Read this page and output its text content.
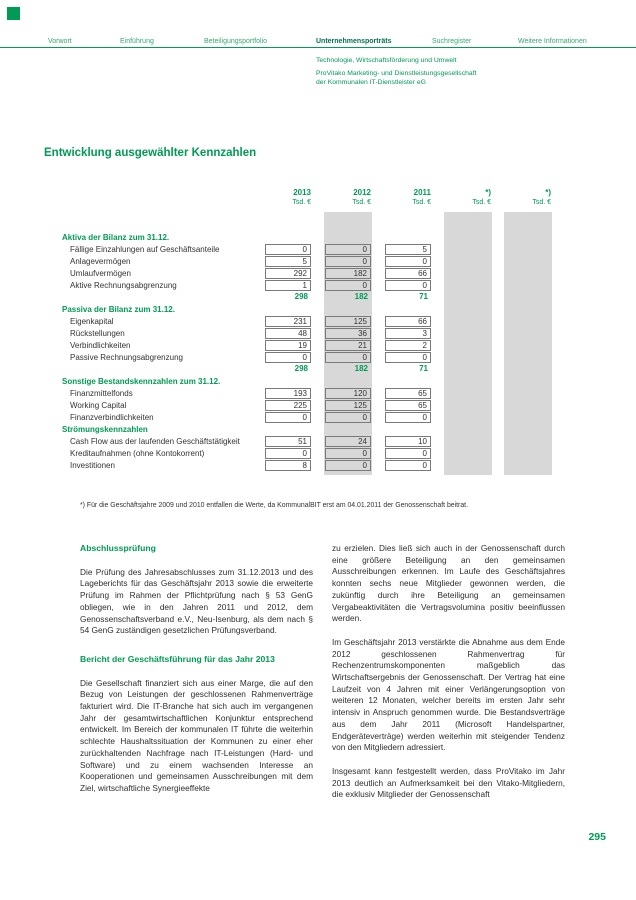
Vorwort	Einführung	Beteiligungsportfolio	Unternehmensporträts	Suchregister	Weitere Informationen
Technologie, Wirtschaftsförderung und Umwelt
ProVitako Marketing- und Dienstleistungsgesellschaft
der Kommunalen IT-Dienstleister eG
Entwicklung ausgewählter Kennzahlen
2013
Tsd. €
2012
Tsd. €
2011
Tsd. €
*)
Tsd. €
*)
Tsd. €
Aktiva der Bilanz zum 31.12.
Fällige Einzahlungen auf Geschäftsanteile	0	0	5
Anlagevermögen	5	0	0
Umlaufvermögen	292	182	66
Aktive Rechnungsabgrenzung	1	0	0
298	182	71
Passiva der Bilanz zum 31.12.
Eigenkapital	231	125	66
Rückstellungen	48	36	3
Verbindlichkeiten	19	21	2
Passive Rechnungsabgrenzung	0	0	0
298	182	71
Sonstige Bestandskennzahlen zum 31.12.
Finanzmittelfonds	193	120	65
Working Capital	225	125	65
Finanzverbindlichkeiten	0	0	0
Strömungskennzahlen
Cash Flow aus der laufenden Geschäftstätigkeit	51	24	10
Kreditaufnahmen (ohne Kontokorrent)	0	0	0
Investitionen	8	0	0
*) Für die Geschäftsjahre 2009 und 2010 entfallen die Werte, da KommunalBIT erst am 04.01.2011 der Genossenschaft beitrat.
Abschlussprüfung

Die Prüfung des Jahresabschlusses zum 31.12.2013 und des Lageberichts für das Geschäftsjahr 2013 sowie die erweiterte Prüfung im Rahmen der Pflichtprüfung nach § 53 GenG obliegen, wie in den Jahren 2011 und 2012, dem Genossenschaftsverband e.V., Neu-Isenburg, als dem nach § 54 GenG zuständigen gesetzlichen Prüfungsverband.

Bericht der Geschäftsführung für das Jahr 2013

Die Gesellschaft finanziert sich aus einer Marge, die auf den Bezug von Leistungen der geschlossenen Rahmenverträge fakturiert wird. Die IT-Branche hat sich auch im vergangenen Jahr der gesamtwirtschaftlichen Konjunktur entsprechend entwickelt. Im Bereich der kommunalen IT führte die weiterhin schlechte Haushaltssituation der Kommunen zu einer eher zurückhaltenden Nachfrage nach IT-Leistungen (Hard- und Software) und zu einem wachsenden Interesse an Kooperationen und gemeinsamen Ausschreibungen mit dem Ziel, wirtschaftliche Synergieeffekte

zu erzielen. Dies ließ sich auch in der Genossenschaft durch eine größere Beteiligung an den gemeinsamen Ausschreibungen erkennen. Im Laufe des Geschäftsjahres konnten sechs neue Mitglieder gewonnen werden, die zukünftig durch ihre Beteiligung an gemeinsamen Vergabeaktivitäten die Vertragsvolumina positiv beeinflussen werden.

Im Geschäftsjahr 2013 verstärkte die Abnahme aus dem Ende 2012 geschlossenen Rahmenvertrag für Rechenzentrumskomponenten maßgeblich das Wirtschaftsergebnis der Genossenschaft. Der Vertrag hat eine Laufzeit von 4 Jahren mit einer Verlängerungsoption von weiteren 12 Monaten, welcher bereits im ersten Jahr sehr intensiv in Anspruch genommen wurde. Die Bestandsverträge aus dem Jahr 2011 (Microsoft Handelspartner, Endgeräteverträge) werden weiterhin mit steigender Tendenz von den Mitgliedern adressiert.

Insgesamt kann festgestellt werden, dass ProVitako im Jahr 2013 deutlich an Aufmerksamkeit bei den Vitako-Mitgliedern, die exklusiv Mitglieder der Genossenschaft

295
